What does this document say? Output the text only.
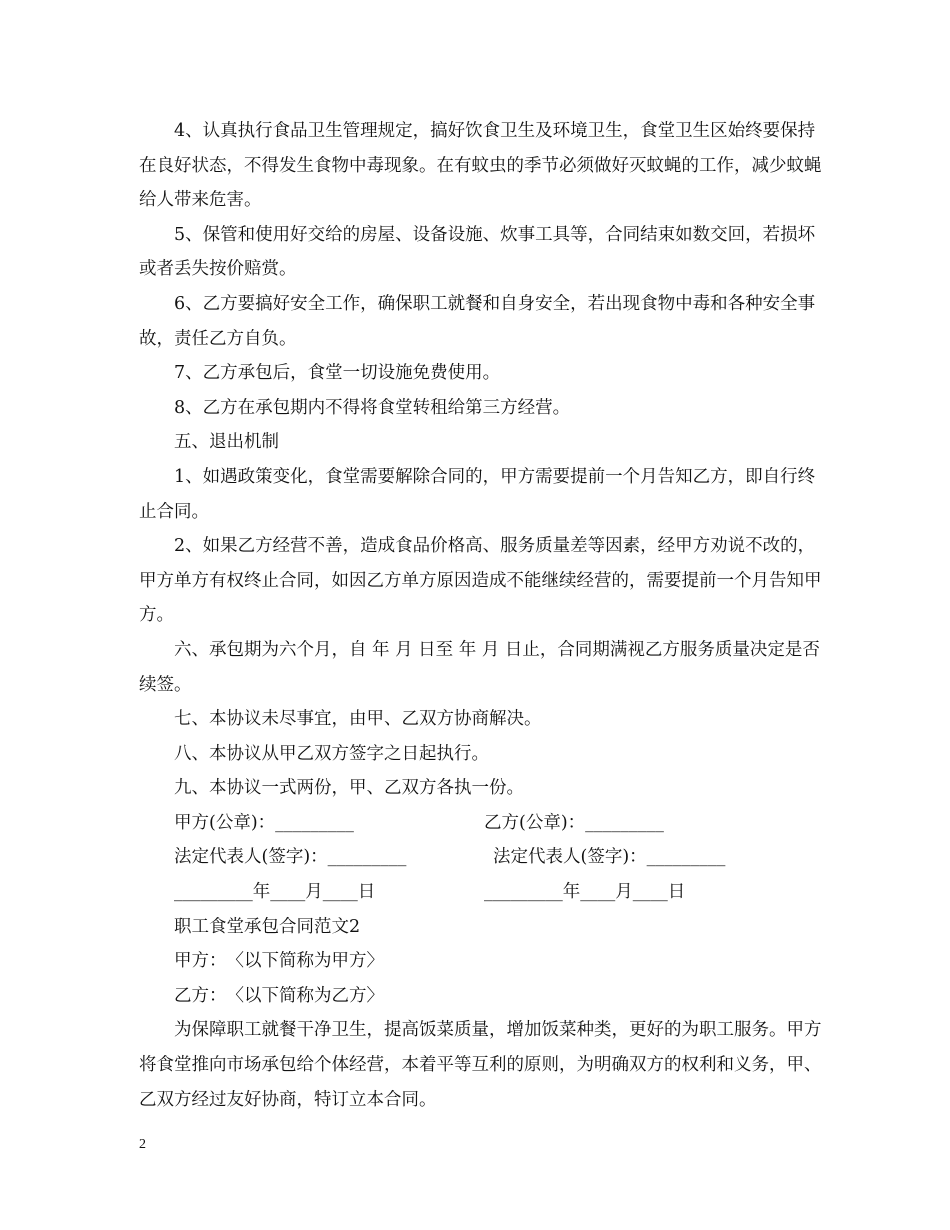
4、认真执行食品卫生管理规定，搞好饮食卫生及环境卫生，食堂卫生区始终要保持在良好状态，不得发生食物中毒现象。在有蚊虫的季节必须做好灭蚊蝇的工作，减少蚊蝇给人带来危害。

5、保管和使用好交给的房屋、设备设施、炊事工具等，合同结束如数交回，若损坏或者丢失按价赔赏。

6、乙方要搞好安全工作，确保职工就餐和自身安全，若出现食物中毒和各种安全事故，责任乙方自负。

7、乙方承包后，食堂一切设施免费使用。

8、乙方在承包期内不得将食堂转租给第三方经营。

五、退出机制

1、如遇政策变化，食堂需要解除合同的，甲方需要提前一个月告知乙方，即自行终止合同。

2、如果乙方经营不善，造成食品价格高、服务质量差等因素，经甲方劝说不改的，甲方单方有权终止合同，如因乙方单方原因造成不能继续经营的，需要提前一个月告知甲方。

六、承包期为六个月，自 年 月 日至 年 月 日止，合同期满视乙方服务质量决定是否续签。

七、本协议未尽事宜，由甲、乙双方协商解决。

八、本协议从甲乙双方签字之日起执行。

九、本协议一式两份，甲、乙双方各执一份。

甲方(公章)：_________	乙方(公章)：_________
法定代表人(签字)：_________	法定代表人(签字)：_________
_________年____月____日	_________年____月____日

职工食堂承包合同范文2

甲方：　〈以下简称为甲方〉

乙方：　〈以下简称为乙方〉

为保障职工就餐干净卫生，提高饭菜质量，增加饭菜种类，更好的为职工服务。甲方将食堂推向市场承包给个体经营，本着平等互利的原则，为明确双方的权利和义务，甲、乙双方经过友好协商，特订立本合同。

2
